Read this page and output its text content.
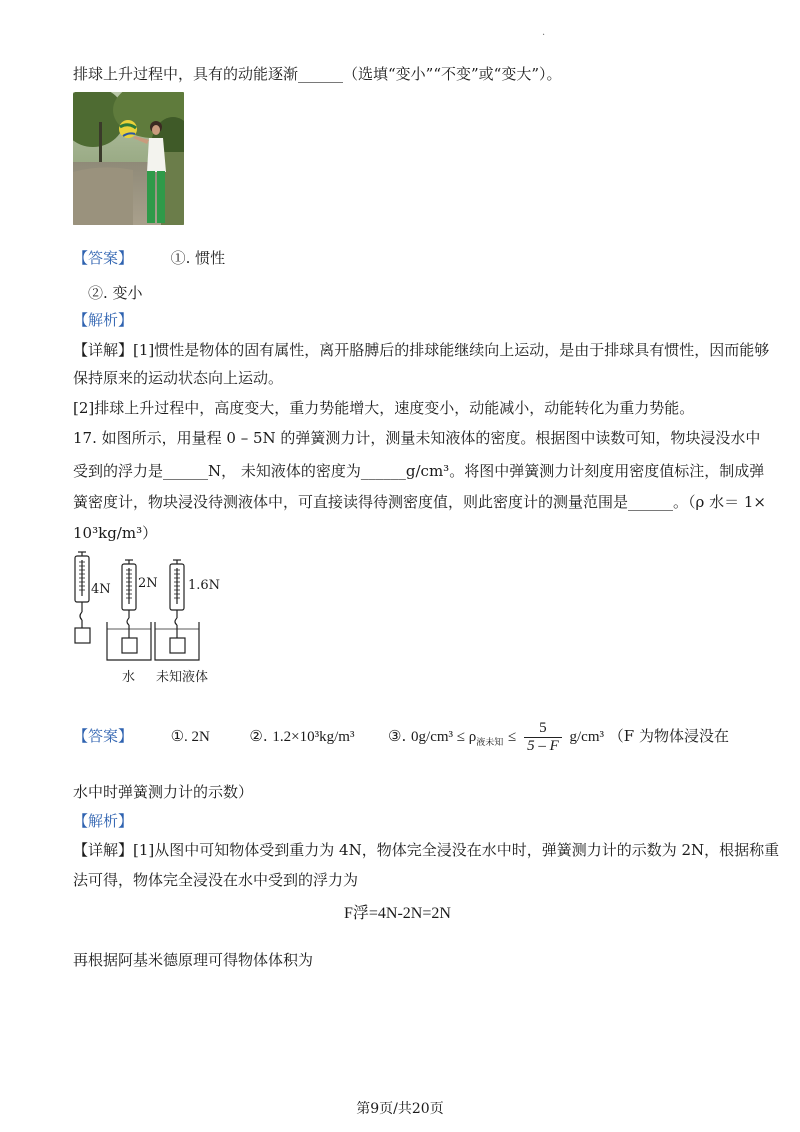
·
排球上升过程中，具有的动能逐渐______（选填“变小”“不变”或“变大”）。
【答案】	①. 惯性
②. 变小
【解析】
【详解】[1]惯性是物体的固有属性，离开胳膊后的排球能继续向上运动，是由于排球具有惯性，因而能够
保持原来的运动状态向上运动。
[2]排球上升过程中，高度变大，重力势能增大，速度变小，动能减小，动能转化为重力势能。
17. 如图所示，用量程 0 – 5N 的弹簧测力计，测量未知液体的密度。根据图中读数可知，物块浸没水中
受到的浮力是______N， 未知液体的密度为______g/cm³。将图中弹簧测力计刻度用密度值标注，制成弹
簧密度计，物块浸没待测液体中，可直接读得待测密度值，则此密度计的测量范围是______。（ρ 水＝ 1×
10³kg/m³）
4N 2N 1.6N
水 未知液体
【答案】	①. 2N	②. 1.2×10³kg/m³ ③. $0g/cm^3 \le \rho_{液未知} \le \frac{5}{5 - F} g/cm^3$ （F 为物体浸没在
水中时弹簧测力计的示数）
【解析】
【详解】[1]从图中可知物体受到重力为 4N，物体完全浸没在水中时，弹簧测力计的示数为 2N，根据称重
法可得，物体完全浸没在水中受到的浮力为
F浮=4N-2N=2N
再根据阿基米德原理可得物体体积为
第9页/共20页
